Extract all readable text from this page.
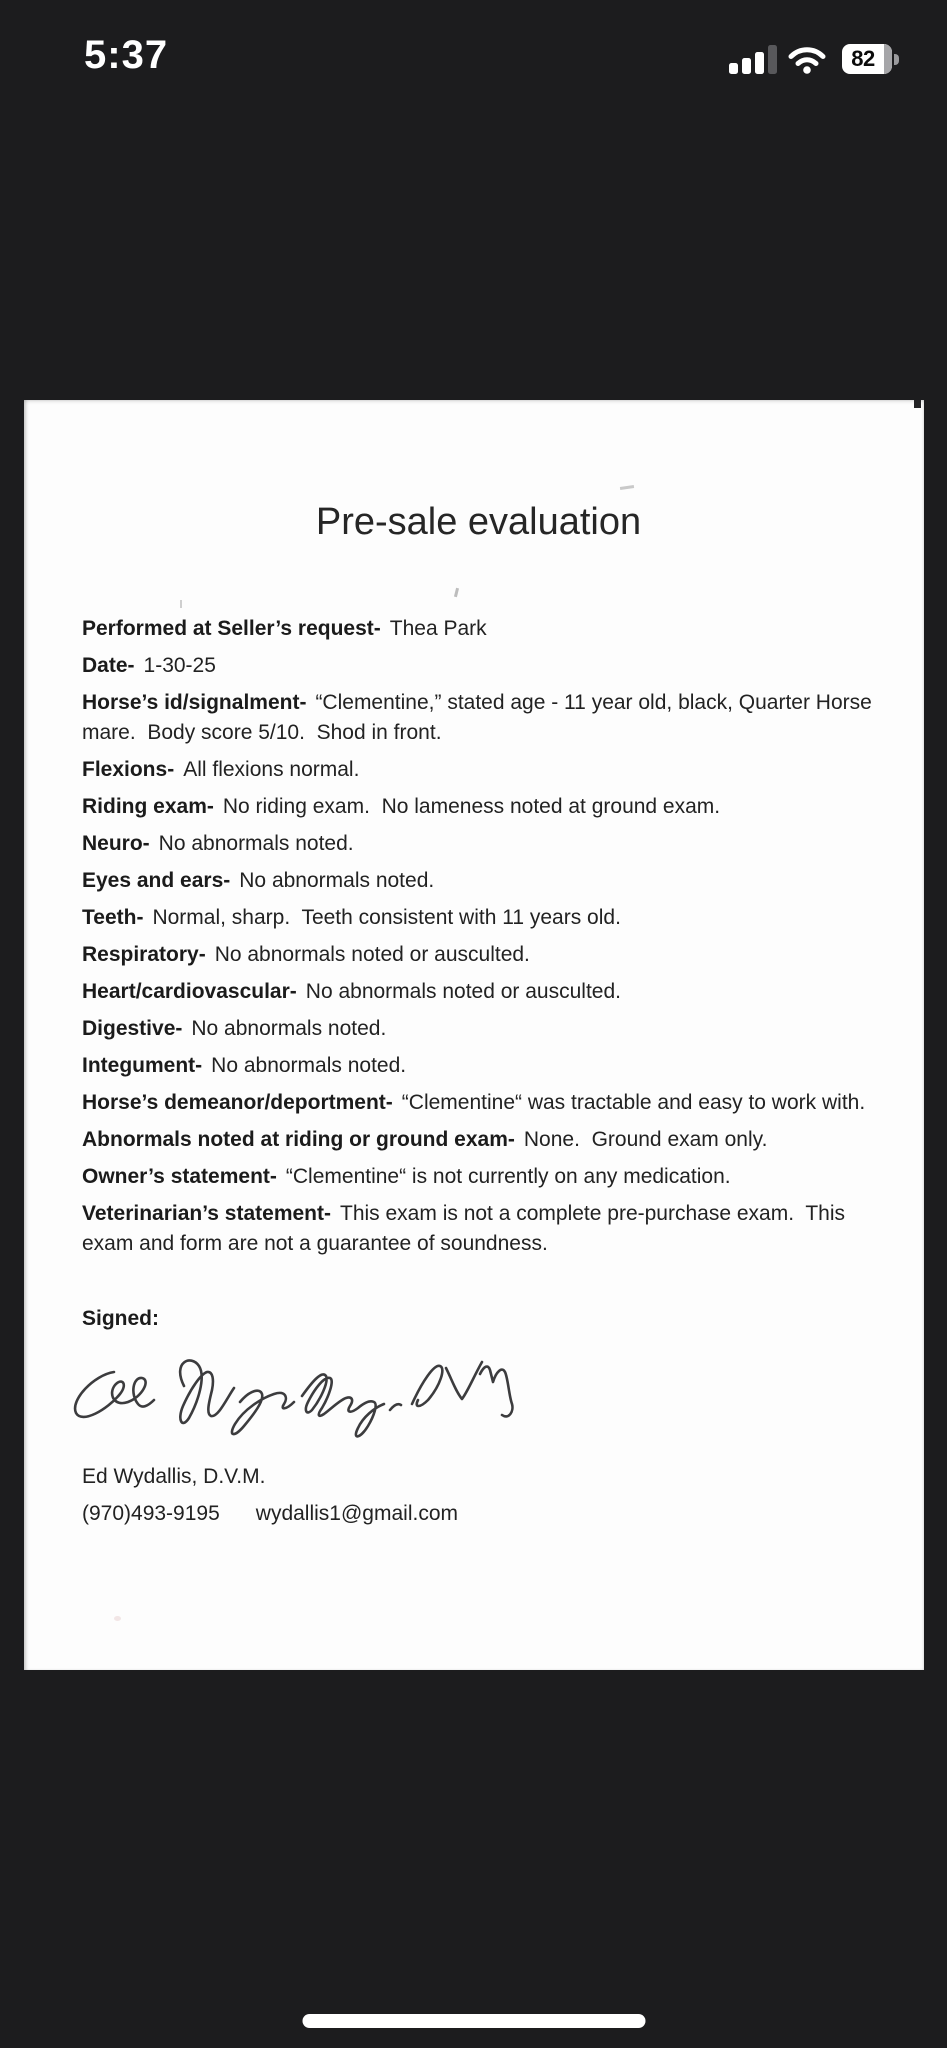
5:37	82
Pre-sale evaluation

Performed at Seller’s request- Thea Park

Date- 1-30-25

Horse’s id/signalment- “Clementine,” stated age - 11 year old, black, Quarter Horse mare.  Body score 5/10.  Shod in front.

Flexions- All flexions normal.

Riding exam- No riding exam.  No lameness noted at ground exam.

Neuro- No abnormals noted.

Eyes and ears- No abnormals noted.

Teeth- Normal, sharp.  Teeth consistent with 11 years old.

Respiratory- No abnormals noted or ausculted.

Heart/cardiovascular- No abnormals noted or ausculted.

Digestive- No abnormals noted.

Integument- No abnormals noted.

Horse’s demeanor/deportment- “Clementine“ was tractable and easy to work with.

Abnormals noted at riding or ground exam- None.  Ground exam only.

Owner’s statement- “Clementine“ is not currently on any medication.

Veterinarian’s statement- This exam is not a complete pre-purchase exam.  This exam and form are not a guarantee of soundness.

Signed:

Ed Wydallis, D.V.M.

(970)493-9195 wydallis1@gmail.com
